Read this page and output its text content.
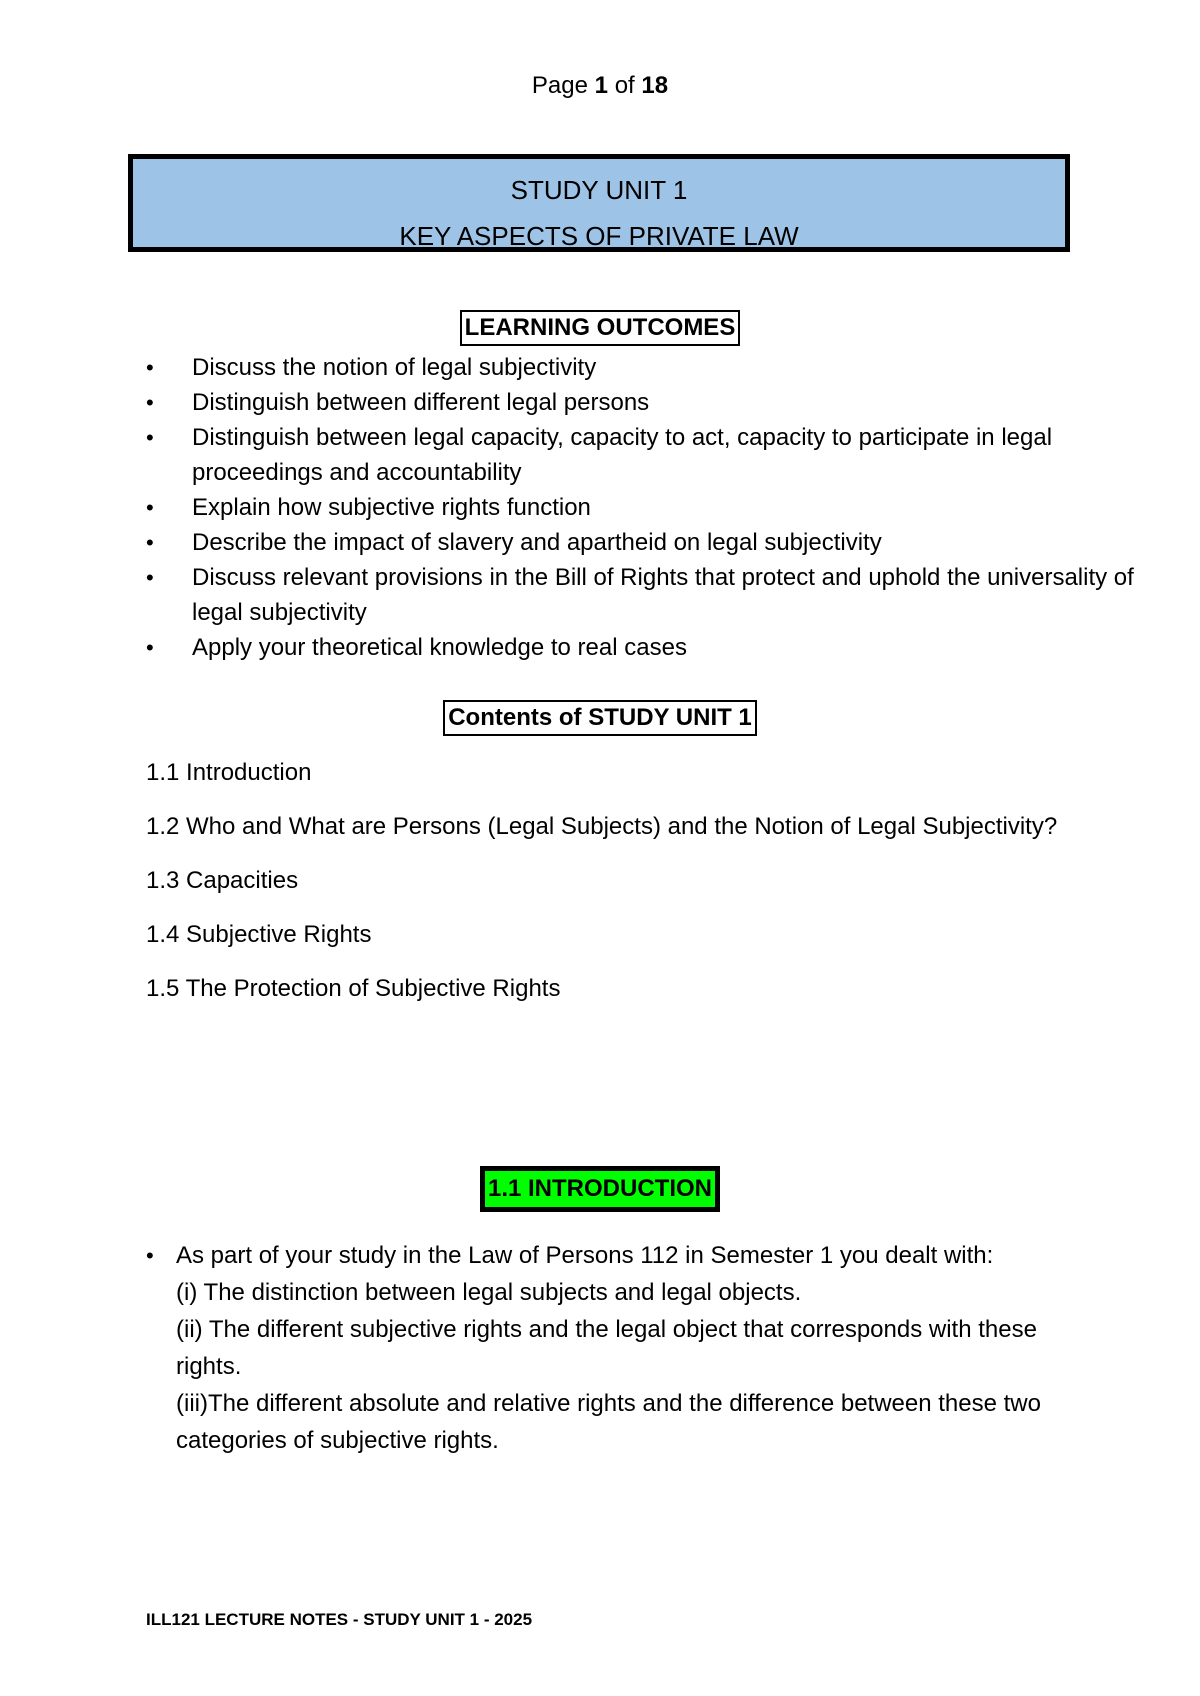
Page 1 of 18
STUDY UNIT 1
KEY ASPECTS OF PRIVATE LAW
LEARNING OUTCOMES
• Discuss the notion of legal subjectivity
• Distinguish between different legal persons
• Distinguish between legal capacity, capacity to act, capacity to participate in legal proceedings and accountability
• Explain how subjective rights function
• Describe the impact of slavery and apartheid on legal subjectivity
• Discuss relevant provisions in the Bill of Rights that protect and uphold the universality of legal subjectivity
• Apply your theoretical knowledge to real cases
Contents of STUDY UNIT 1
1.1 Introduction
1.2 Who and What are Persons (Legal Subjects) and the Notion of Legal Subjectivity?
1.3 Capacities
1.4 Subjective Rights
1.5 The Protection of Subjective Rights
1.1 INTRODUCTION
• As part of your study in the Law of Persons 112 in Semester 1 you dealt with:
(i) The distinction between legal subjects and legal objects.
(ii) The different subjective rights and the legal object that corresponds with these rights.
(iii)The different absolute and relative rights and the difference between these two categories of subjective rights.
ILL121 LECTURE NOTES - STUDY UNIT 1 - 2025
